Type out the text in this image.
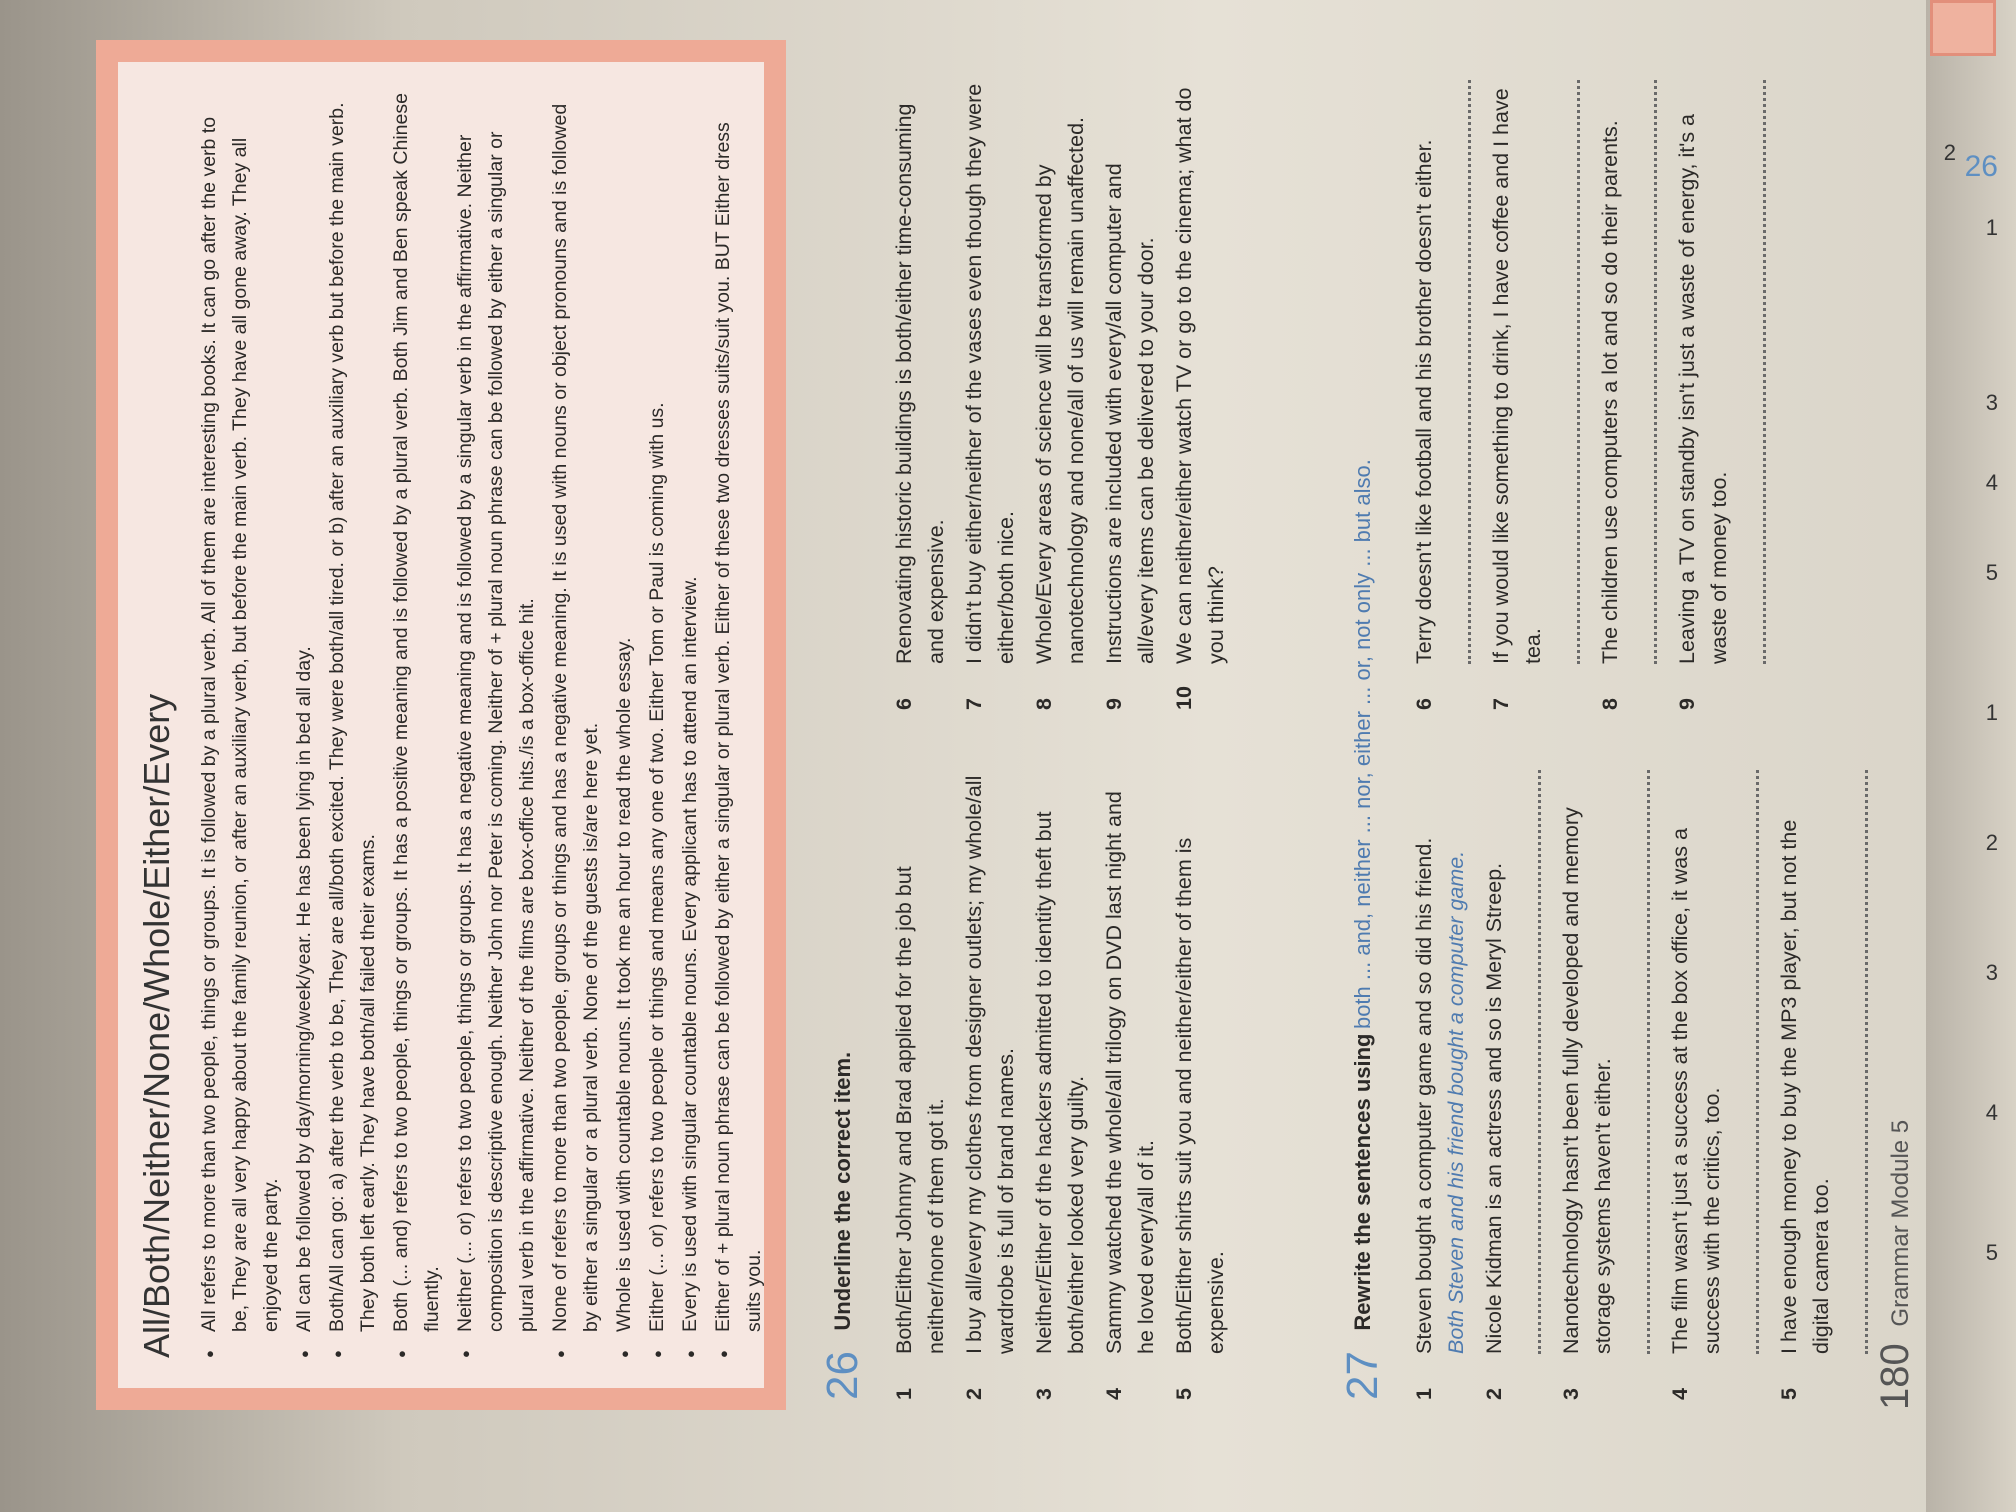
All/Both/Neither/None/Whole/Either/Every ● All refers to more than two people, things or groups. It is followed by a plural verb. All of them are interesting books. It can go after the verb to be, They are all very happy about the family reunion, or after an auxiliary verb, but before the main verb. They have all gone away. They all enjoyed the party. ● All can be followed by day/morning/week/year. He has been lying in bed all day. ● Both/All can go: a) after the verb to be, They are all/both excited. They were both/all tired. or b) after an auxiliary verb but before the main verb. They both left early. They have both/all failed their exams. ● Both (... and) refers to two people, things or groups. It has a positive meaning and is followed by a plural verb. Both Jim and Ben speak Chinese fluently. ● Neither (... or) refers to two people, things or groups. It has a negative meaning and is followed by a singular verb in the affirmative. Neither composition is descriptive enough. Neither John nor Peter is coming. Neither of + plural noun phrase can be followed by either a singular or plural verb in the affirmative. Neither of the films are box-office hits./is a box-office hit. ● None of refers to more than two people, groups or things and has a negative meaning. It is used with nouns or object pronouns and is followed by either a singular or a plural verb. None of the guests is/are here yet. ● Whole is used with countable nouns. It took me an hour to read the whole essay. ● Either (... or) refers to two people or things and means any one of two. Either Tom or Paul is coming with us. ● Every is used with singular countable nouns. Every applicant has to attend an interview. ● Either of + plural noun phrase can be followed by either a singular or plural verb. Either of these two dresses suits/suit you. BUT Either dress suits you.

26 Underline the correct item.
1
Both/Either Johnny and Brad applied for the job but neither/none of them got it.
2
I buy all/every my clothes from designer outlets; my whole/all wardrobe is full of brand names.
3
Neither/Either of the hackers admitted to identity theft but both/either looked very guilty.
4
Sammy watched the whole/all trilogy on DVD last night and he loved every/all of it.
5
Both/Either shirts suit you and neither/either of them is expensive.
6
Renovating historic buildings is both/either time-consuming and expensive.
7
I didn't buy either/neither of the vases even though they were either/both nice.
8
Whole/Every areas of science will be transformed by nanotechnology and none/all of us will remain unaffected.
9
Instructions are included with every/all computer and all/every items can be delivered to your door.
10
We can neither/either watch TV or go to the cinema; what do you think?
27 Rewrite the sentences using both ... and, neither ... nor, either ... or, not only ... but also.
1
Steven bought a computer game and so did his friend. Both Steven and his friend bought a computer game.
2
Nicole Kidman is an actress and so is Meryl Streep.
3
Nanotechnology hasn't been fully developed and memory storage systems haven't either.
4
The film wasn't just a success at the box office, it was a success with the critics, too.
5
I have enough money to buy the MP3 player, but not the digital camera too.
6
Terry doesn't like football and his brother doesn't either.
7
If you would like something to drink, I have coffee and I have tea.
8
The children use computers a lot and so do their parents.
9
Leaving a TV on standby isn't just a waste of energy, it's a waste of money too.
180 Grammar Module 5
26
1
2
3
4
5
1
2
3
4
5
